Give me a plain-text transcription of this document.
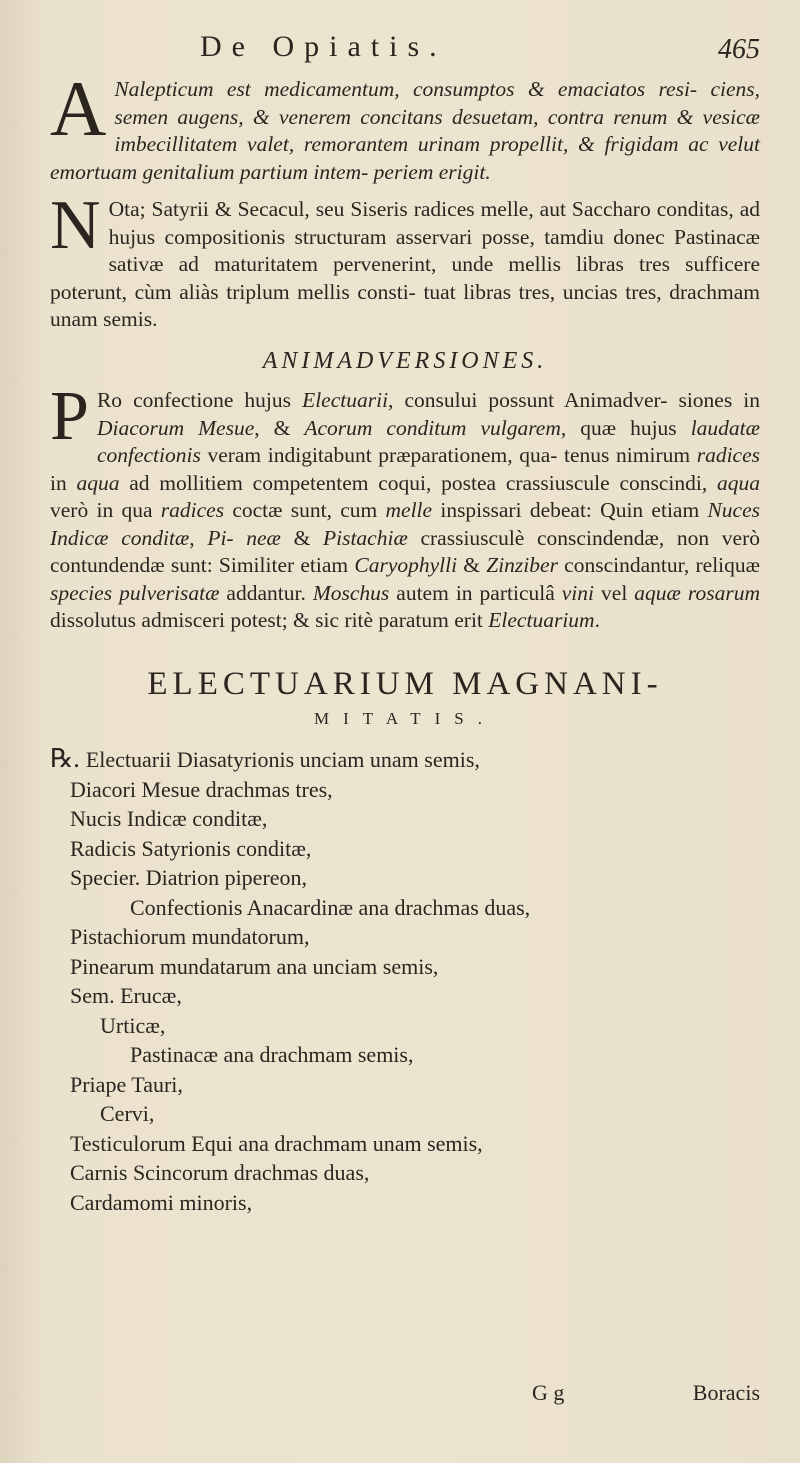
De Opiatis.	465

A Nalepticum est medicamentum, consumptos & emaciatos resi- ciens, semen augens, & venerem concitans desuetam, contra renum & vesicæ imbecillitatem valet, remorantem urinam propellit, & frigidam ac velut emortuam genitalium partium intem- periem erigit.

N Ota; Satyrii & Secacul, seu Siseris radices melle, aut Saccharo conditas, ad hujus compositionis structuram asservari posse, tamdiu donec Pastinacæ sativæ ad maturitatem pervenerint, unde mellis libras tres sufficere poterunt, cùm aliàs triplum mellis consti- tuat libras tres, uncias tres, drachmam unam semis.

ANIMADVERSIONES.

P Ro confectione hujus Electuarii, consului possunt Animadver- siones in Diacorum Mesue, & Acorum conditum vulgarem, quæ hujus laudatæ confectionis veram indigitabunt præparationem, qua- tenus nimirum radices in aqua ad mollitiem competentem coqui, postea crassiuscule conscindi, aqua verò in qua radices coctæ sunt, cum melle inspissari debeat: Quin etiam Nuces Indicæ conditæ, Pi- neæ & Pistachiæ crassiusculè conscindendæ, non verò contundendæ sunt: Similiter etiam Caryophylli & Zinziber conscindantur, reliquæ species pulverisatæ addantur. Moschus autem in particulâ vini vel aquæ rosarum dissolutus admisceri potest; & sic ritè paratum erit Electuarium.

ELECTUARIUM MAGNANI-
MITATIS.
℞. Electuarii Diasatyrionis unciam unam semis,
Diacori Mesue drachmas tres,
Nucis Indicæ conditæ,
Radicis Satyrionis conditæ,
Specier. Diatrion pipereon,
Confectionis Anacardinæ ana drachmas duas,
Pistachiorum mundatorum,
Pinearum mundatarum ana unciam semis,
Sem. Erucæ,
Urticæ,
Pastinacæ ana drachmam semis,
Priape Tauri,
Cervi,
Testiculorum Equi ana drachmam unam semis,
Carnis Scincorum drachmas duas,
Cardamomi minoris,
G g	Boracis
